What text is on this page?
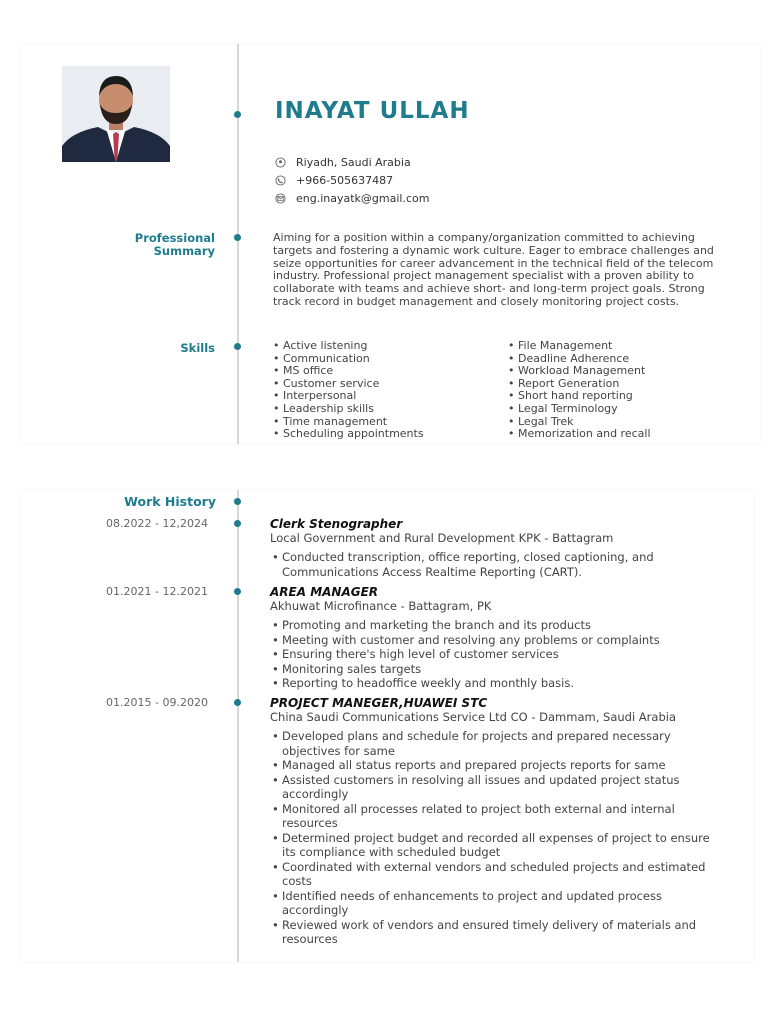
INAYAT ULLAH
Riyadh, Saudi Arabia
+966-505637487
eng.inayatk@gmail.com
Professional
Summary

Aiming for a position within a company/organization committed to achieving targets and fostering a dynamic work culture. Eager to embrace challenges and seize opportunities for career advancement in the technical field of the telecom industry. Professional project management specialist with a proven ability to collaborate with teams and achieve short- and long-term project goals. Strong track record in budget management and closely monitoring project costs.

Skills
•	Active listening
• Communication
• MS office
• Customer service
• Interpersonal
• Leadership skills
• Time management
• Scheduling appointments
• File Management
• Deadline Adherence
• Workload Management
• Report Generation
• Short hand reporting
• Legal Terminology
• Legal Trek
• Memorization and recall
Work History
08.2022 - 12,2024	Clerk Stenographer
Local Government and Rural Development KPK - Battagram
• Conducted transcription, office reporting, closed captioning, and Communications Access Realtime Reporting (CART).
01.2021 - 12.2021	AREA MANAGER
Akhuwat Microfinance - Battagram, PK
• Promoting and marketing the branch and its products
• Meeting with customer and resolving any problems or complaints
• Ensuring there's high level of customer services
• Monitoring sales targets
• Reporting to headoffice weekly and monthly basis.
01.2015 - 09.2020	PROJECT MANEGER,HUAWEI STC
China Saudi Communications Service Ltd CO - Dammam, Saudi Arabia
• Developed plans and schedule for projects and prepared necessary objectives for same
• Managed all status reports and prepared projects reports for same
• Assisted customers in resolving all issues and updated project status accordingly
• Monitored all processes related to project both external and internal resources
• Determined project budget and recorded all expenses of project to ensure its compliance with scheduled budget
• Coordinated with external vendors and scheduled projects and estimated costs
• Identified needs of enhancements to project and updated process accordingly
• Reviewed work of vendors and ensured timely delivery of materials and resources
